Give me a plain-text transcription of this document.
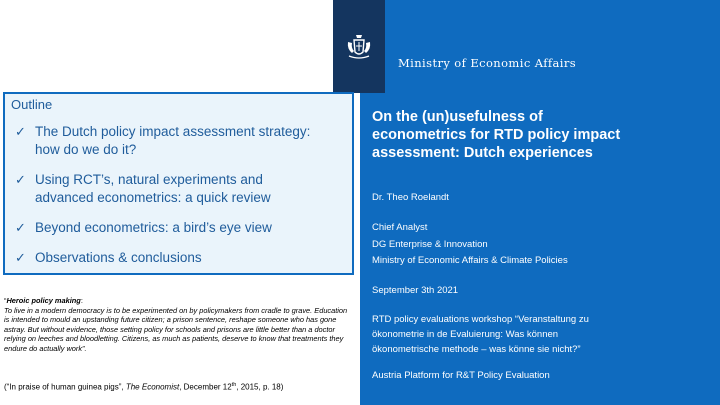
Ministry of Economic Affairs
Outline
✓ The Dutch policy impact assessment strategy:
how do we do it?
✓ Using RCT’s, natural experiments and
advanced econometrics: a quick review
✓ Beyond econometrics: a bird’s eye view
✓ Observations & conclusions
“Heroic policy making:
To live in a modern democracy is to be experimented on by policymakers from cradle to grave. Education is intended to mould an upstanding future citizen; a prison sentence, reshape someone who has gone astray. But without evidence, those setting policy for schools and prisons are little better than a doctor relying on leeches and bloodletting. Citizens, as much as patients, deserve to know that treatments they endure do actually work”.
(“In praise of human guinea pigs”, The Economist, December 12th, 2015, p. 18)
On the (un)usefulness of
econometrics for RTD policy impact
assessment: Dutch experiences
Dr. Theo Roelandt
Chief Analyst
DG Enterprise & Innovation
Ministry of Economic Affairs & Climate Policies
September 3th 2021
RTD policy evaluations workshop “Veranstaltung zu
ökonometrie in de Evaluierung: Was können
ökonometrische methode – was könne sie nicht?”
Austria Platform for R&T Policy Evaluation
